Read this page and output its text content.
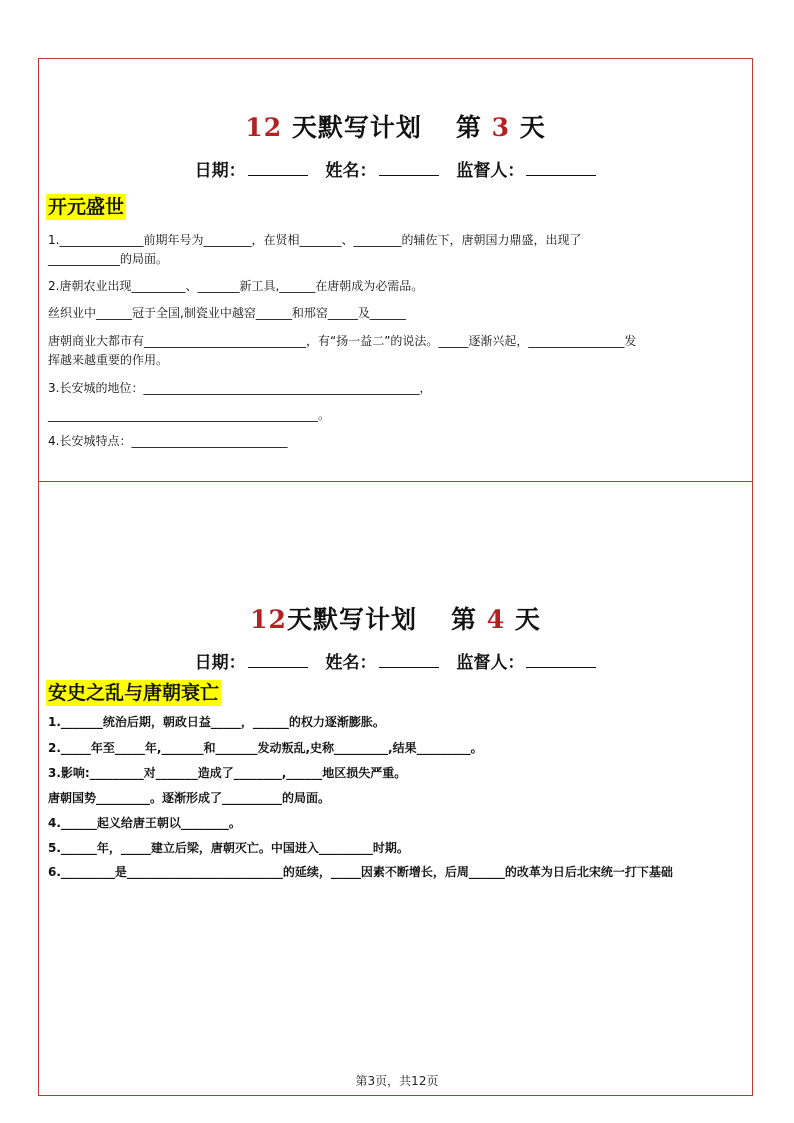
12 天默写计划 第 3 天
日期：	姓名：	监督人：
开元盛世
1.______________前期年号为________，在贤相_______、________的辅佐下，唐朝国力鼎盛，出现了
____________的局面。
2.唐朝农业出现_________、_______新工具,______在唐朝成为必需品。
丝织业中______冠于全国,制瓷业中越窑______和邢窑_____及______
唐朝商业大都市有___________________________，有“扬一益二”的说法。_____逐渐兴起，________________发
挥越来越重要的作用。
3.长安城的地位：______________________________________________，
_____________________________________________。
4.长安城特点：__________________________
12天默写计划 第 4 天
日期：	姓名：	监督人：
安史之乱与唐朝衰亡
1._______统治后期，朝政日益_____，______的权力逐渐膨胀。
2._____年至_____年,_______和_______发动叛乱,史称_________,结果_________。
3.影响:_________对_______造成了________,______地区损失严重。
唐朝国势_________。逐渐形成了__________的局面。
4.______起义给唐王朝以________。
5.______年，_____建立后梁，唐朝灭亡。中国进入_________时期。
6._________是__________________________的延续，_____因素不断增长，后周______的改革为日后北宋统一打下基础
第3页，共12页
